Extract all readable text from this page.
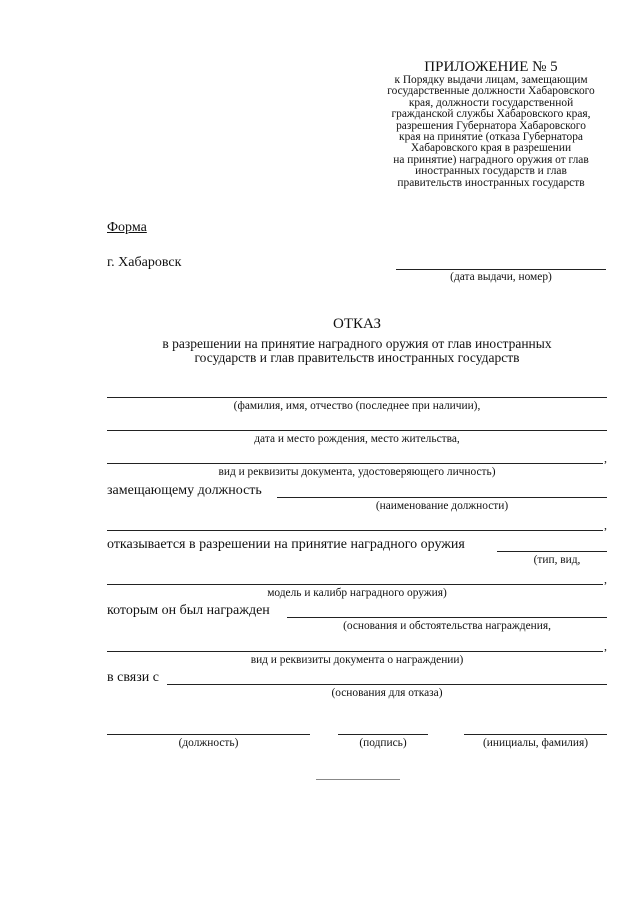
ПРИЛОЖЕНИЕ № 5
к Порядку выдачи лицам, замещающим
государственные должности Хабаровского
края, должности государственной
гражданской службы Хабаровского края,
разрешения Губернатора Хабаровского
края на принятие (отказа Губернатора
Хабаровского края в разрешении
на принятие) наградного оружия от глав
иностранных государств и глав
правительств иностранных государств
Форма
г. Хабаровск
(дата выдачи, номер)
ОТКАЗ
в разрешении на принятие наградного оружия от глав иностранных
государств и глав правительств иностранных государств
(фамилия, имя, отчество (последнее при наличии),
дата и место рождения, место жительства,
,
вид и реквизиты документа, удостоверяющего личность)
замещающему должность
(наименование должности)
,
отказывается в разрешении на принятие наградного оружия
(тип, вид,
,
модель и калибр наградного оружия)
которым он был награжден
(основания и обстоятельства награждения,
,
вид и реквизиты документа о награждении)
в связи с
(основания для отказа)
(должность)	(подпись)	(инициалы, фамилия)
